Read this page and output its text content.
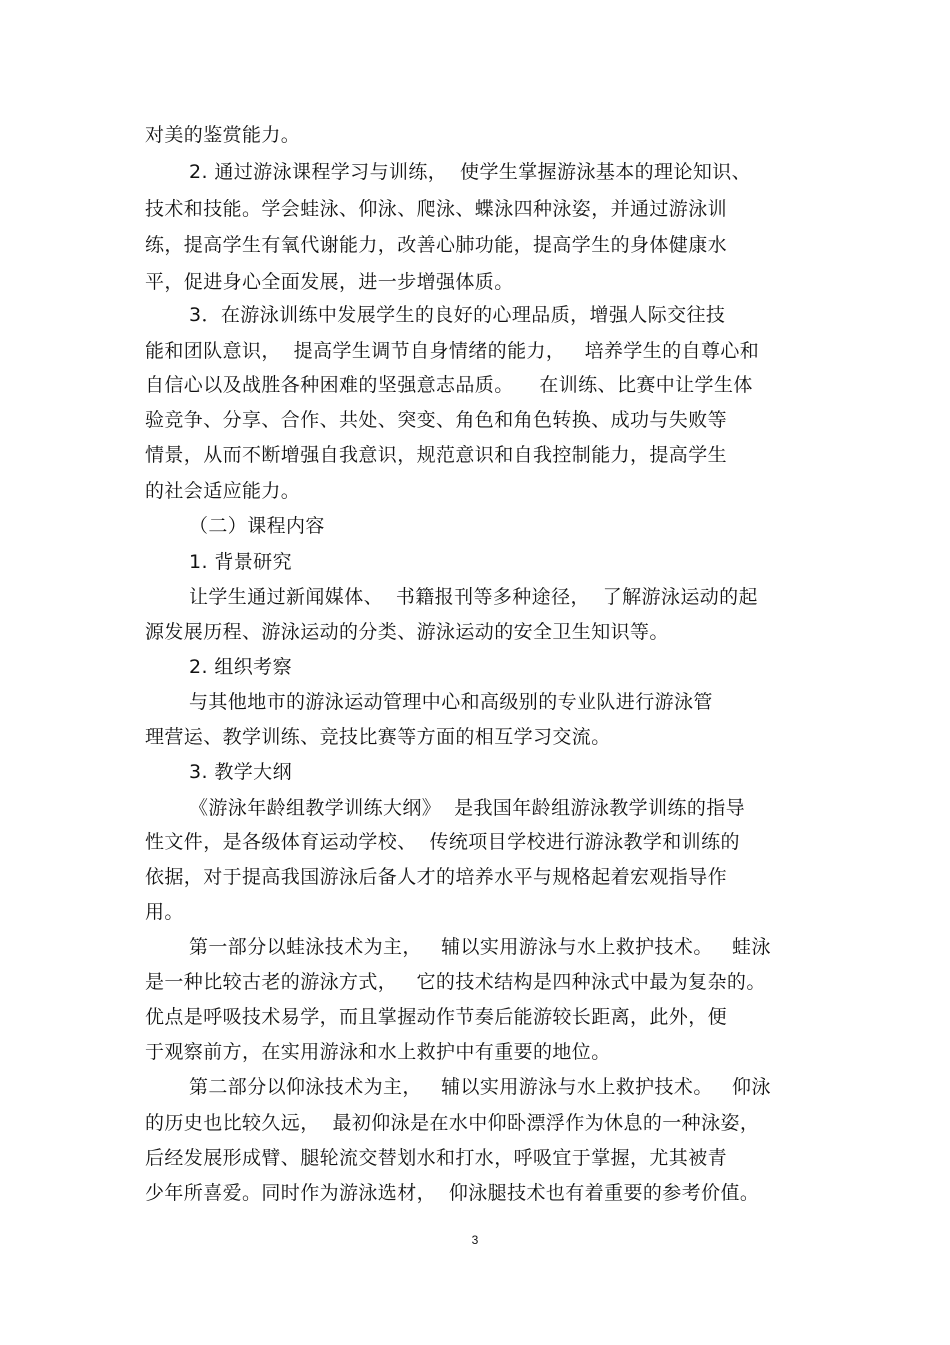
对美的鉴赏能力。
2. 通过游泳课程学习与训练，  使学生掌握游泳基本的理论知识、
技术和技能。学会蛙泳、仰泳、爬泳、蝶泳四种泳姿，并通过游泳训
练，提高学生有氧代谢能力，改善心肺功能，提高学生的身体健康水
平，促进身心全面发展，进一步增强体质。
3．在游泳训练中发展学生的良好的心理品质，增强人际交往技
能和团队意识，  提高学生调节自身情绪的能力，   培养学生的自尊心和
自信心以及战胜各种困难的坚强意志品质。    在训练、比赛中让学生体
验竞争、分享、合作、共处、突变、角色和角色转换、成功与失败等
情景，从而不断增强自我意识，规范意识和自我控制能力，提高学生
的社会适应能力。
（二）课程内容
1. 背景研究
让学生通过新闻媒体、  书籍报刊等多种途径，  了解游泳运动的起
源发展历程、游泳运动的分类、游泳运动的安全卫生知识等。
2. 组织考察
与其他地市的游泳运动管理中心和高级别的专业队进行游泳管
理营运、教学训练、竞技比赛等方面的相互学习交流。
3. 教学大纲
《游泳年龄组教学训练大纲》  是我国年龄组游泳教学训练的指导
性文件，是各级体育运动学校、  传统项目学校进行游泳教学和训练的
依据，对于提高我国游泳后备人才的培养水平与规格起着宏观指导作
用。
第一部分以蛙泳技术为主，   辅以实用游泳与水上救护技术。   蛙泳
是一种比较古老的游泳方式，   它的技术结构是四种泳式中最为复杂的。
优点是呼吸技术易学，而且掌握动作节奏后能游较长距离，此外，便
于观察前方，在实用游泳和水上救护中有重要的地位。
第二部分以仰泳技术为主，   辅以实用游泳与水上救护技术。   仰泳
的历史也比较久远，  最初仰泳是在水中仰卧漂浮作为休息的一种泳姿，
后经发展形成臂、腿轮流交替划水和打水，呼吸宜于掌握，尤其被青
少年所喜爱。同时作为游泳选材，  仰泳腿技术也有着重要的参考价值。
3
